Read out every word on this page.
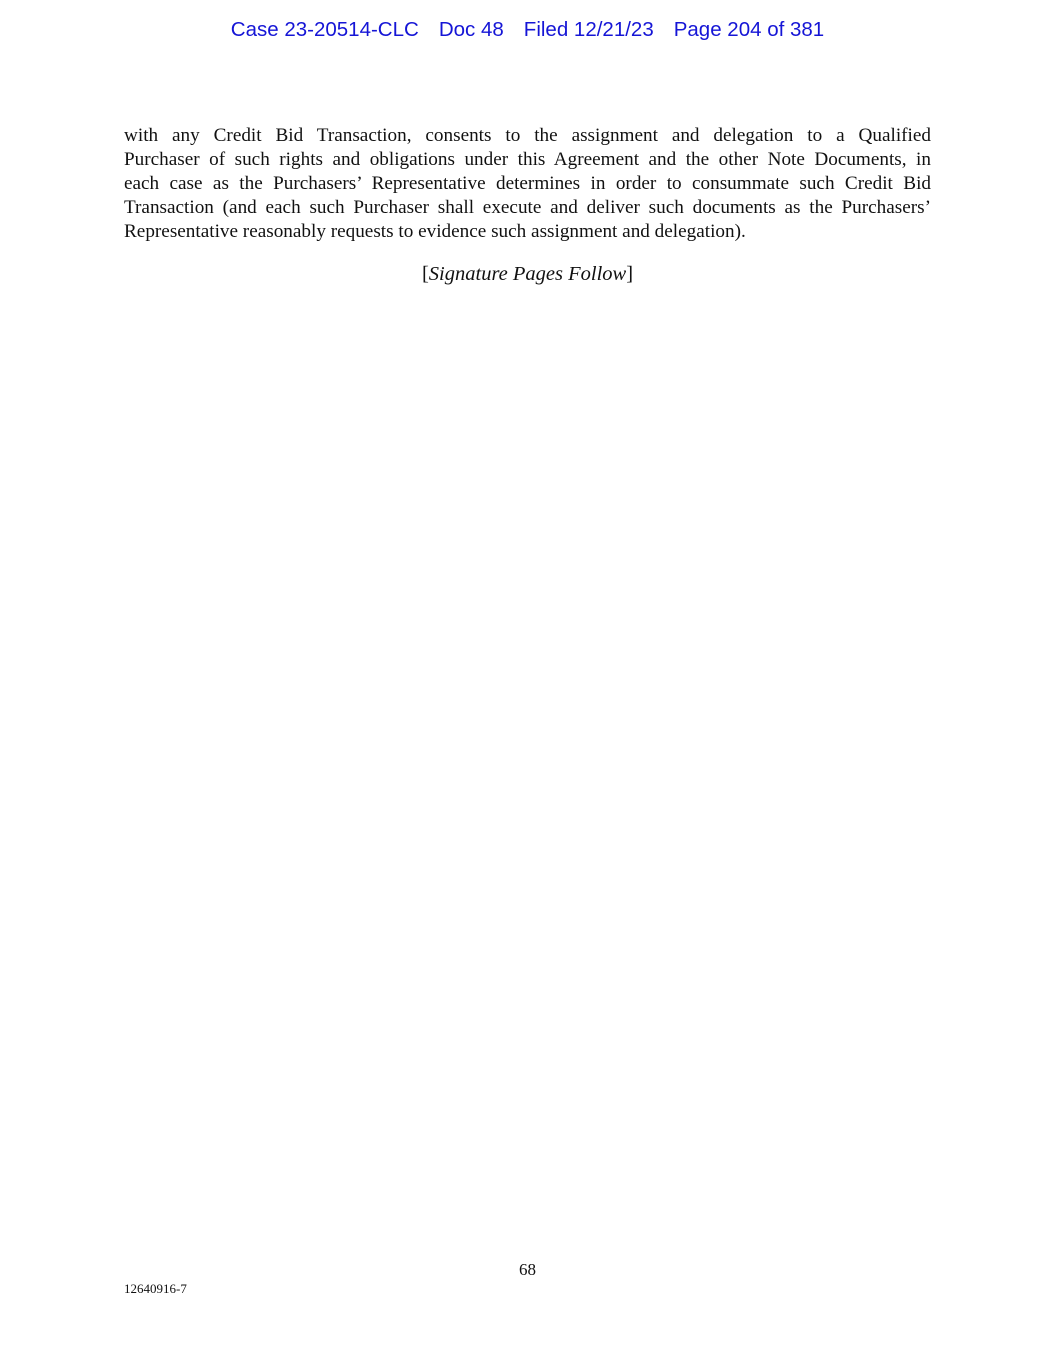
Case 23-20514-CLC Doc 48 Filed 12/21/23 Page 204 of 381
with any Credit Bid Transaction, consents to the assignment and delegation to a Qualified
Purchaser of such rights and obligations under this Agreement and the other Note Documents, in
each case as the Purchasers’ Representative determines in order to consummate such Credit Bid
Transaction (and each such Purchaser shall execute and deliver such documents as the Purchasers’
Representative reasonably requests to evidence such assignment and delegation).
[Signature Pages Follow]
68
12640916-7
